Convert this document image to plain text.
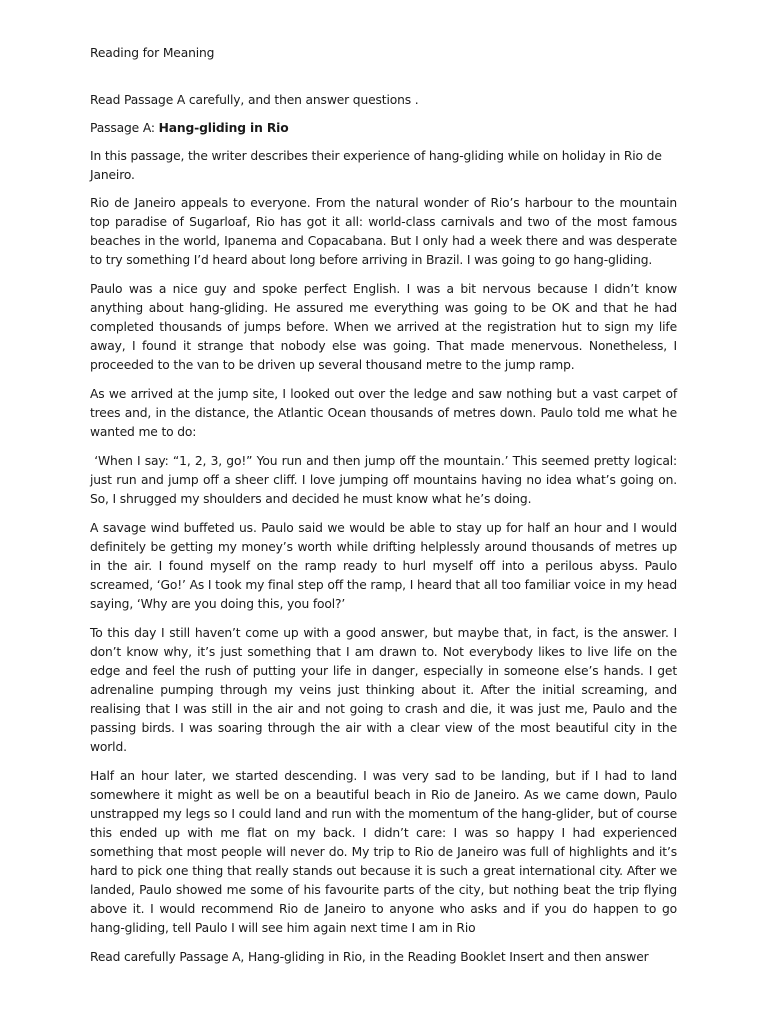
Reading for Meaning

Read Passage A carefully, and then answer questions .

Passage A: Hang-gliding in Rio

In this passage, the writer describes their experience of hang-gliding while on holiday in Rio de Janeiro.

Rio de Janeiro appeals to everyone. From the natural wonder of Rio’s harbour to the mountain top paradise of Sugarloaf, Rio has got it all: world-class carnivals and two of the most famous beaches in the world, Ipanema and Copacabana. But I only had a week there and was desperate to try something I’d heard about long before arriving in Brazil. I was going to go hang-gliding.

Paulo was a nice guy and spoke perfect English. I was a bit nervous because I didn’t know anything about hang-gliding. He assured me everything was going to be OK and that he had completed thousands of jumps before. When we arrived at the registration hut to sign my life away, I found it strange that nobody else was going. That made menervous. Nonetheless, I proceeded to the van to be driven up several thousand metre to the jump ramp.

As we arrived at the jump site, I looked out over the ledge and saw nothing but a vast carpet of trees and, in the distance, the Atlantic Ocean thousands of metres down. Paulo told me what he wanted me to do:

‘When I say: “1, 2, 3, go!” You run and then jump off the mountain.’ This seemed pretty logical: just run and jump off a sheer cliff. I love jumping off mountains having no idea what’s going on. So, I shrugged my shoulders and decided he must know what he’s doing.

A savage wind buffeted us. Paulo said we would be able to stay up for half an hour and I would definitely be getting my money’s worth while drifting helplessly around thousands of metres up in the air. I found myself on the ramp ready to hurl myself off into a perilous abyss. Paulo screamed, ‘Go!’ As I took my final step off the ramp, I heard that all too familiar voice in my head saying, ‘Why are you doing this, you fool?’

To this day I still haven’t come up with a good answer, but maybe that, in fact, is the answer. I don’t know why, it’s just something that I am drawn to. Not everybody likes to live life on the edge and feel the rush of putting your life in danger, especially in someone else’s hands. I get adrenaline pumping through my veins just thinking about it. After the initial screaming, and realising that I was still in the air and not going to crash and die, it was just me, Paulo and the passing birds. I was soaring through the air with a clear view of the most beautiful city in the world.

Half an hour later, we started descending. I was very sad to be landing, but if I had to land somewhere it might as well be on a beautiful beach in Rio de Janeiro. As we came down, Paulo unstrapped my legs so I could land and run with the momentum of the hang-glider, but of course this ended up with me flat on my back. I didn’t care: I was so happy I had experienced something that most people will never do. My trip to Rio de Janeiro was full of highlights and it’s hard to pick one thing that really stands out because it is such a great international city. After we landed, Paulo showed me some of his favourite parts of the city, but nothing beat the trip flying above it. I would recommend Rio de Janeiro to anyone who asks and if you do happen to go hang-gliding, tell Paulo I will see him again next time I am in Rio

Read carefully Passage A, Hang-gliding in Rio, in the Reading Booklet Insert and then answer
